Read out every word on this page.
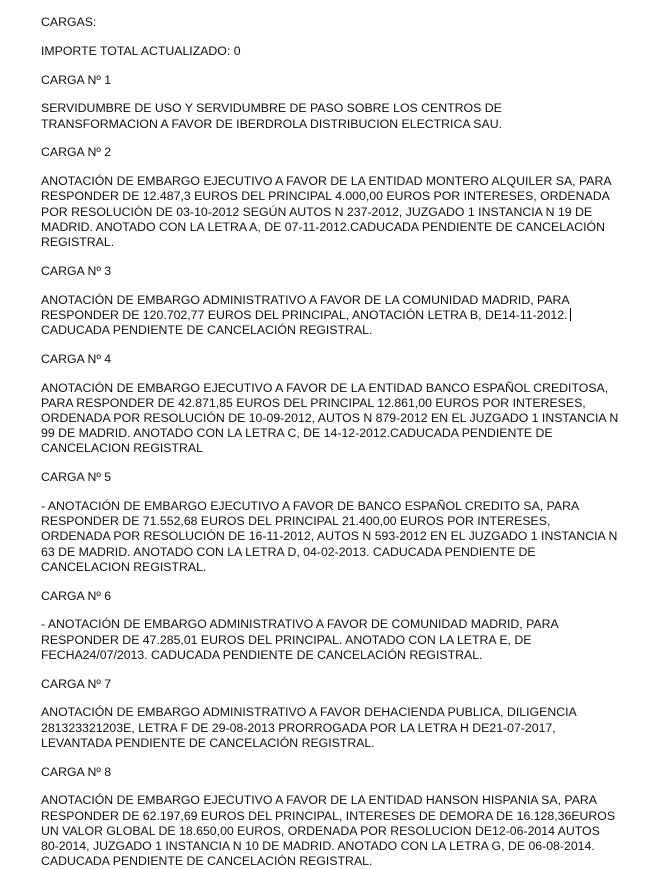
CARGAS:

IMPORTE TOTAL ACTUALIZADO: 0

CARGA Nº 1

SERVIDUMBRE DE USO Y SERVIDUMBRE DE PASO SOBRE LOS CENTROS DE

TRANSFORMACION A FAVOR DE IBERDROLA DISTRIBUCION ELECTRICA SAU.

CARGA Nº 2

ANOTACIÓN DE EMBARGO EJECUTIVO A FAVOR DE LA ENTIDAD MONTERO ALQUILER SA, PARA

RESPONDER DE 12.487,3 EUROS DEL PRINCIPAL 4.000,00 EUROS POR INTERESES, ORDENADA

POR RESOLUCIÓN DE 03-10-2012 SEGÚN AUTOS N 237-2012, JUZGADO 1 INSTANCIA N 19 DE

MADRID. ANOTADO CON LA LETRA A, DE 07-11-2012.CADUCADA PENDIENTE DE CANCELACIÓN

REGISTRAL.

CARGA Nº 3

ANOTACIÓN DE EMBARGO ADMINISTRATIVO A FAVOR DE LA COMUNIDAD MADRID, PARA

RESPONDER DE 120.702,77 EUROS DEL PRINCIPAL, ANOTACIÓN LETRA B, DE14-11-2012.

CADUCADA PENDIENTE DE CANCELACIÓN REGISTRAL.

CARGA Nº 4

ANOTACIÓN DE EMBARGO EJECUTIVO A FAVOR DE LA ENTIDAD BANCO ESPAÑOL CREDITOSA,

PARA RESPONDER DE 42.871,85 EUROS DEL PRINCIPAL 12.861,00 EUROS POR INTERESES,

ORDENADA POR RESOLUCIÓN DE 10-09-2012, AUTOS N 879-2012 EN EL JUZGADO 1 INSTANCIA N

99 DE MADRID. ANOTADO CON LA LETRA C, DE 14-12-2012.CADUCADA PENDIENTE DE

CANCELACION REGISTRAL

CARGA Nº 5

- ANOTACIÓN DE EMBARGO EJECUTIVO A FAVOR DE BANCO ESPAÑOL CREDITO SA, PARA

RESPONDER DE 71.552,68 EUROS DEL PRINCIPAL 21.400,00 EUROS POR INTERESES,

ORDENADA POR RESOLUCIÓN DE 16-11-2012, AUTOS N 593-2012 EN EL JUZGADO 1 INSTANCIA N

63 DE MADRID. ANOTADO CON LA LETRA D, 04-02-2013. CADUCADA PENDIENTE DE

CANCELACION REGISTRAL.

CARGA Nº 6

- ANOTACIÓN DE EMBARGO ADMINISTRATIVO A FAVOR DE COMUNIDAD MADRID, PARA

RESPONDER DE 47.285,01 EUROS DEL PRINCIPAL. ANOTADO CON LA LETRA E, DE

FECHA24/07/2013. CADUCADA PENDIENTE DE CANCELACIÓN REGISTRAL.

CARGA Nº 7

ANOTACIÓN DE EMBARGO ADMINISTRATIVO A FAVOR DEHACIENDA PUBLICA, DILIGENCIA

281323321203E, LETRA F DE 29-08-2013 PRORROGADA POR LA LETRA H DE21-07-2017,

LEVANTADA PENDIENTE DE CANCELACIÓN REGISTRAL.

CARGA Nº 8

ANOTACIÓN DE EMBARGO EJECUTIVO A FAVOR DE LA ENTIDAD HANSON HISPANIA SA, PARA

RESPONDER DE 62.197,69 EUROS DEL PRINCIPAL, INTERESES DE DEMORA DE 16.128,36EUROS

UN VALOR GLOBAL DE 18.650,00 EUROS, ORDENADA POR RESOLUCION DE12-06-2014 AUTOS

80-2014, JUZGADO 1 INSTANCIA N 10 DE MADRID. ANOTADO CON LA LETRA G, DE 06-08-2014.

CADUCADA PENDIENTE DE CANCELACIÓN REGISTRAL.
